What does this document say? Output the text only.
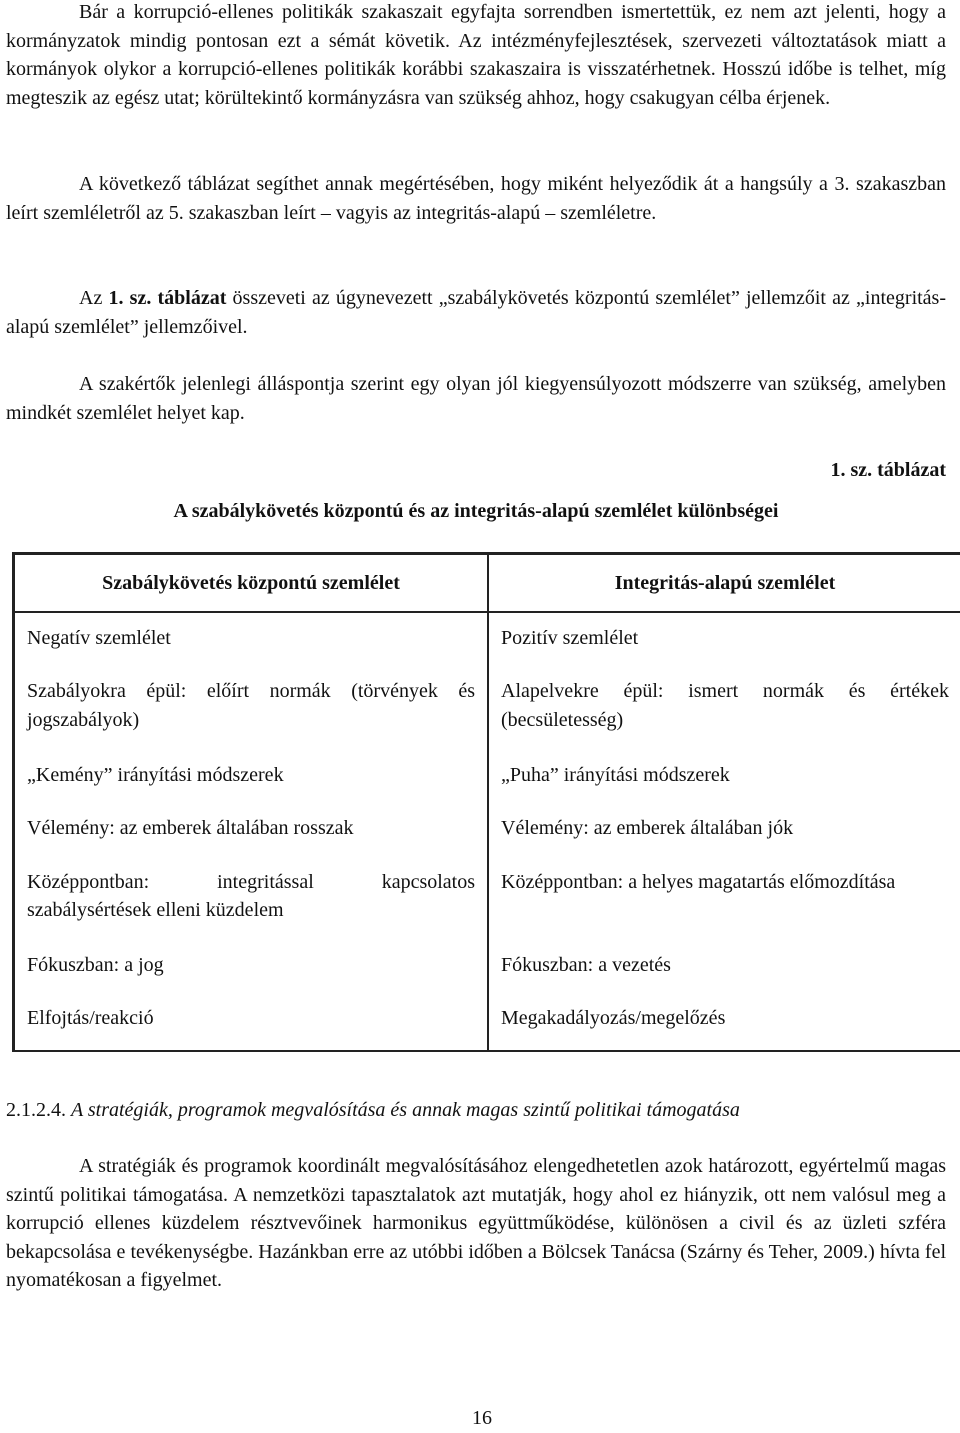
Bár a korrupció-ellenes politikák szakaszait egyfajta sorrendben ismertettük, ez nem azt jelenti, hogy a kormányzatok mindig pontosan ezt a sémát követik. Az intézményfejlesztések, szervezeti változtatások miatt a kormányok olykor a korrupció-ellenes politikák korábbi szakaszaira is visszatérhetnek. Hosszú időbe is telhet, míg megteszik az egész utat; körültekintő kormányzásra van szükség ahhoz, hogy csakugyan célba érjenek.

A következő táblázat segíthet annak megértésében, hogy miként helyeződik át a hangsúly a 3. szakaszban leírt szemléletről az 5. szakaszban leírt – vagyis az integritás-alapú – szemléletre.

Az 1. sz. táblázat összeveti az úgynevezett „szabálykövetés központú szemlélet” jellemzőit az „integritás-alapú szemlélet” jellemzőivel.

A szakértők jelenlegi álláspontja szerint egy olyan jól kiegyensúlyozott módszerre van szükség, amelyben mindkét szemlélet helyet kap.

1. sz. táblázat
A szabálykövetés központú és az integritás-alapú szemlélet különbségei
Szabálykövetés központú szemlélet	Integritás-alapú szemlélet
Negatív szemlélet	Pozitív szemlélet
Szabályokra épül: előírt normák (törvények és jogszabályok)	Alapelvekre épül: ismert normák és értékek (becsületesség)
„Kemény” irányítási módszerek	„Puha” irányítási módszerek
Vélemény: az emberek általában rosszak	Vélemény: az emberek általában jók
Középpontban: integritással kapcsolatos szabálysértések elleni küzdelem	Középpontban: a helyes magatartás előmozdítása
Fókuszban: a jog	Fókuszban: a vezetés
Elfojtás/reakció	Megakadályozás/megelőzés
2.1.2.4. A stratégiák, programok megvalósítása és annak magas szintű politikai támogatása

A stratégiák és programok koordinált megvalósításához elengedhetetlen azok határozott, egyértelmű magas szintű politikai támogatása. A nemzetközi tapasztalatok azt mutatják, hogy ahol ez hiányzik, ott nem valósul meg a korrupció ellenes küzdelem résztvevőinek harmonikus együttműködése, különösen a civil és az üzleti szféra bekapcsolása e tevékenységbe. Hazánkban erre az utóbbi időben a Bölcsek Tanácsa (Szárny és Teher, 2009.) hívta fel nyomatékosan a figyelmet.

16
